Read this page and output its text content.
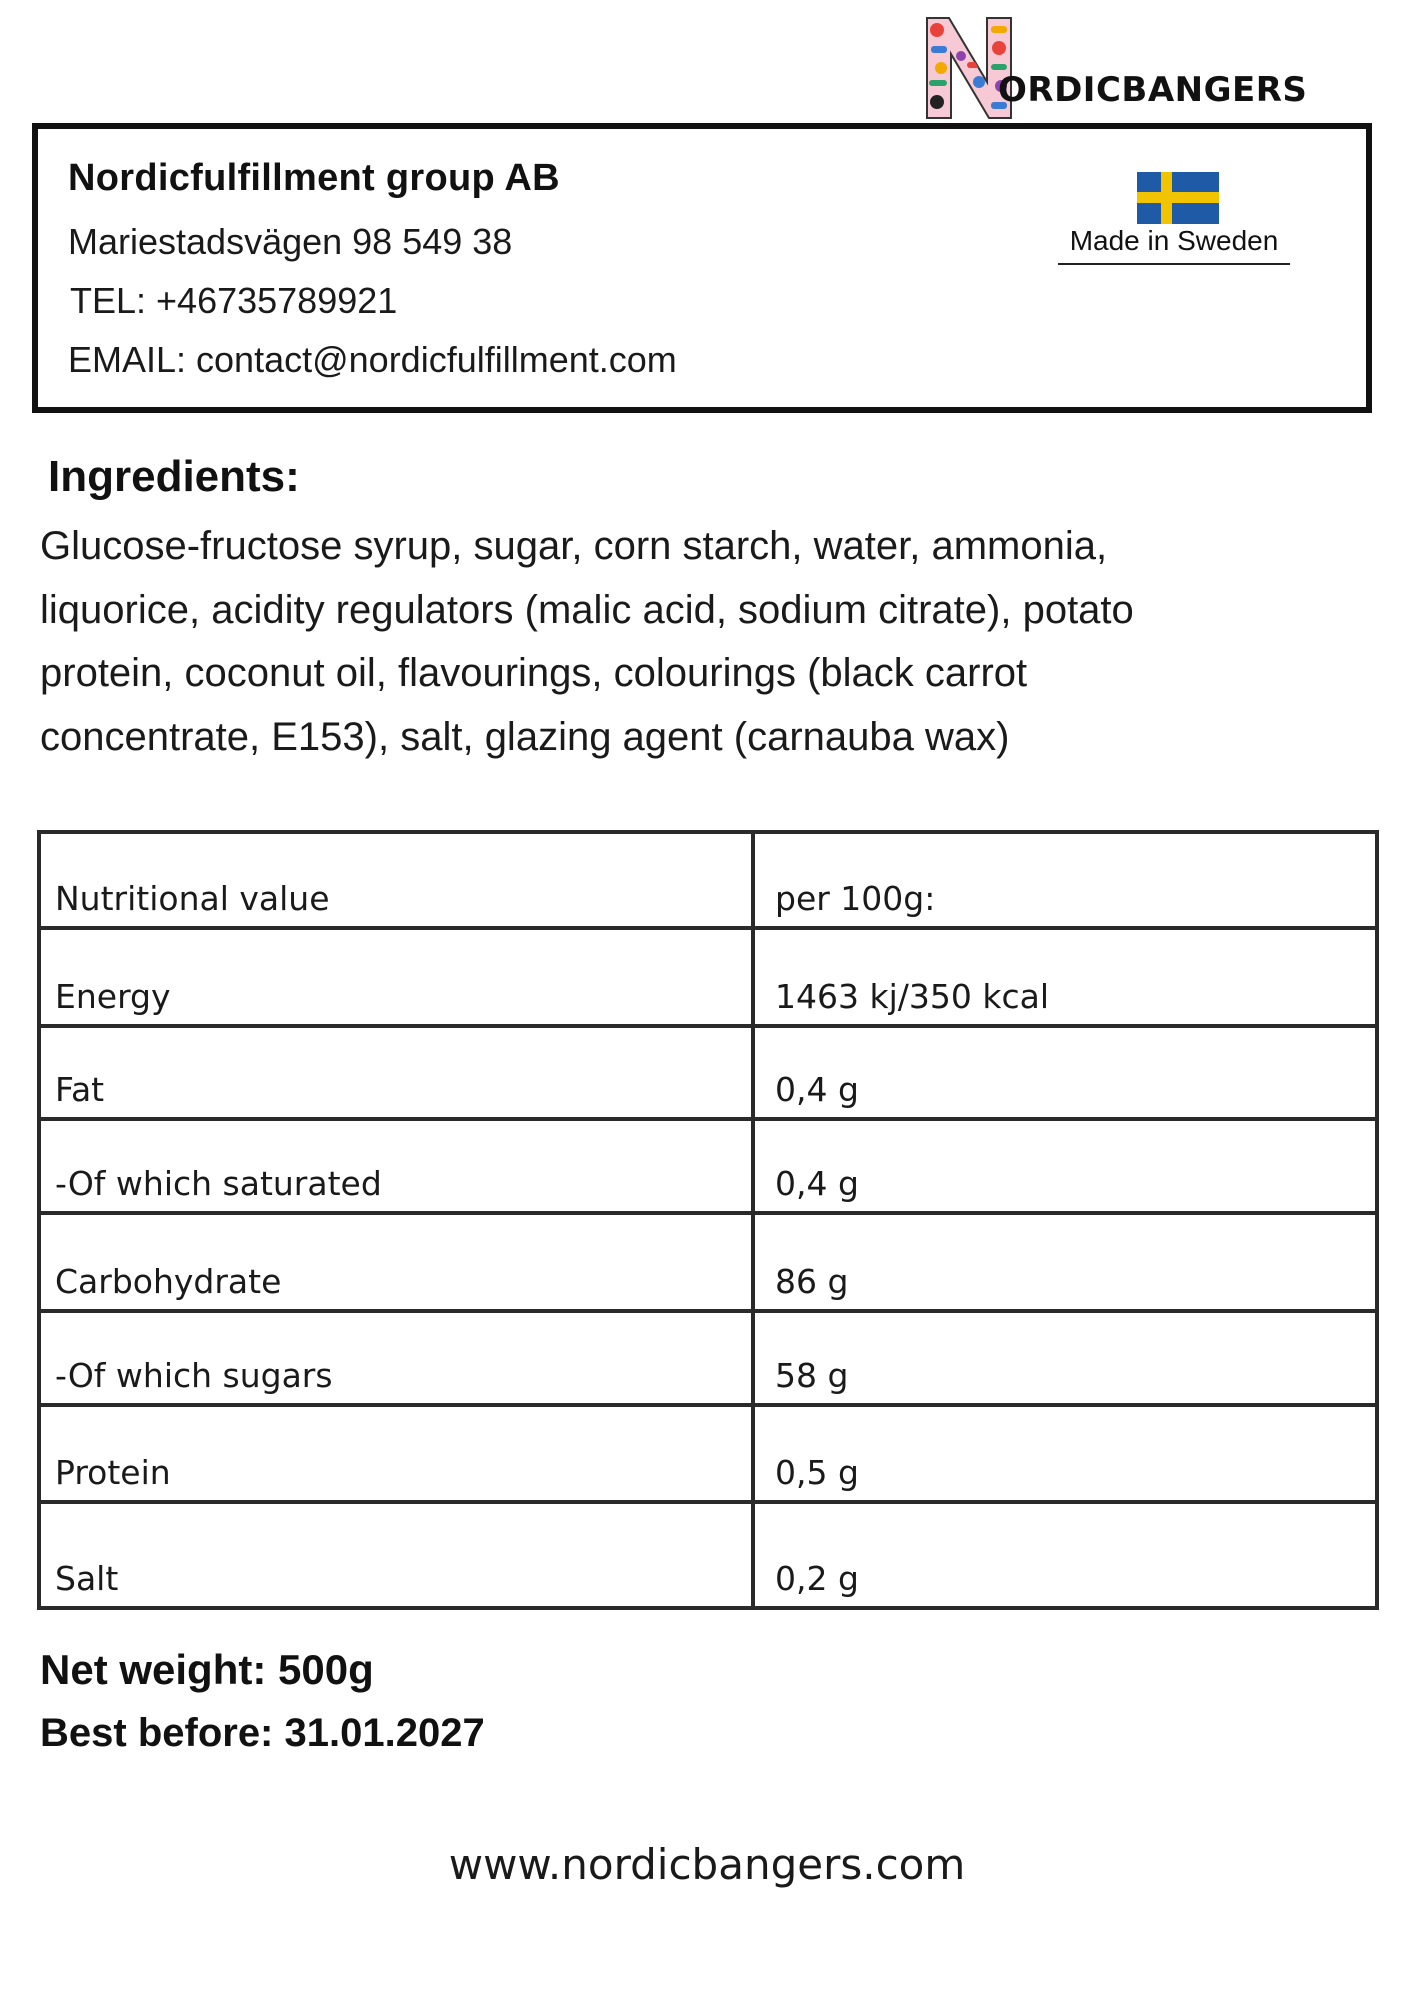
Nordicfulfillment group AB
Mariestadsvägen 98 549 38
TEL: +46735789921
EMAIL: contact@nordicfulfillment.com
ORDICBANGERS
Made in Sweden
Ingredients:
Glucose-fructose syrup, sugar, corn starch, water, ammonia,
liquorice, acidity regulators (malic acid, sodium citrate), potato
protein, coconut oil, flavourings, colourings (black carrot
concentrate, E153), salt, glazing agent (carnauba wax)
Nutritional value	per 100g:
Energy	1463 kj/350 kcal
Fat	0,4 g
-Of which saturated	0,4 g
Carbohydrate	86 g
-Of which sugars	58 g
Protein	0,5 g
Salt	0,2 g
Net weight: 500g
Best before: 31.01.2027
www.nordicbangers.com
